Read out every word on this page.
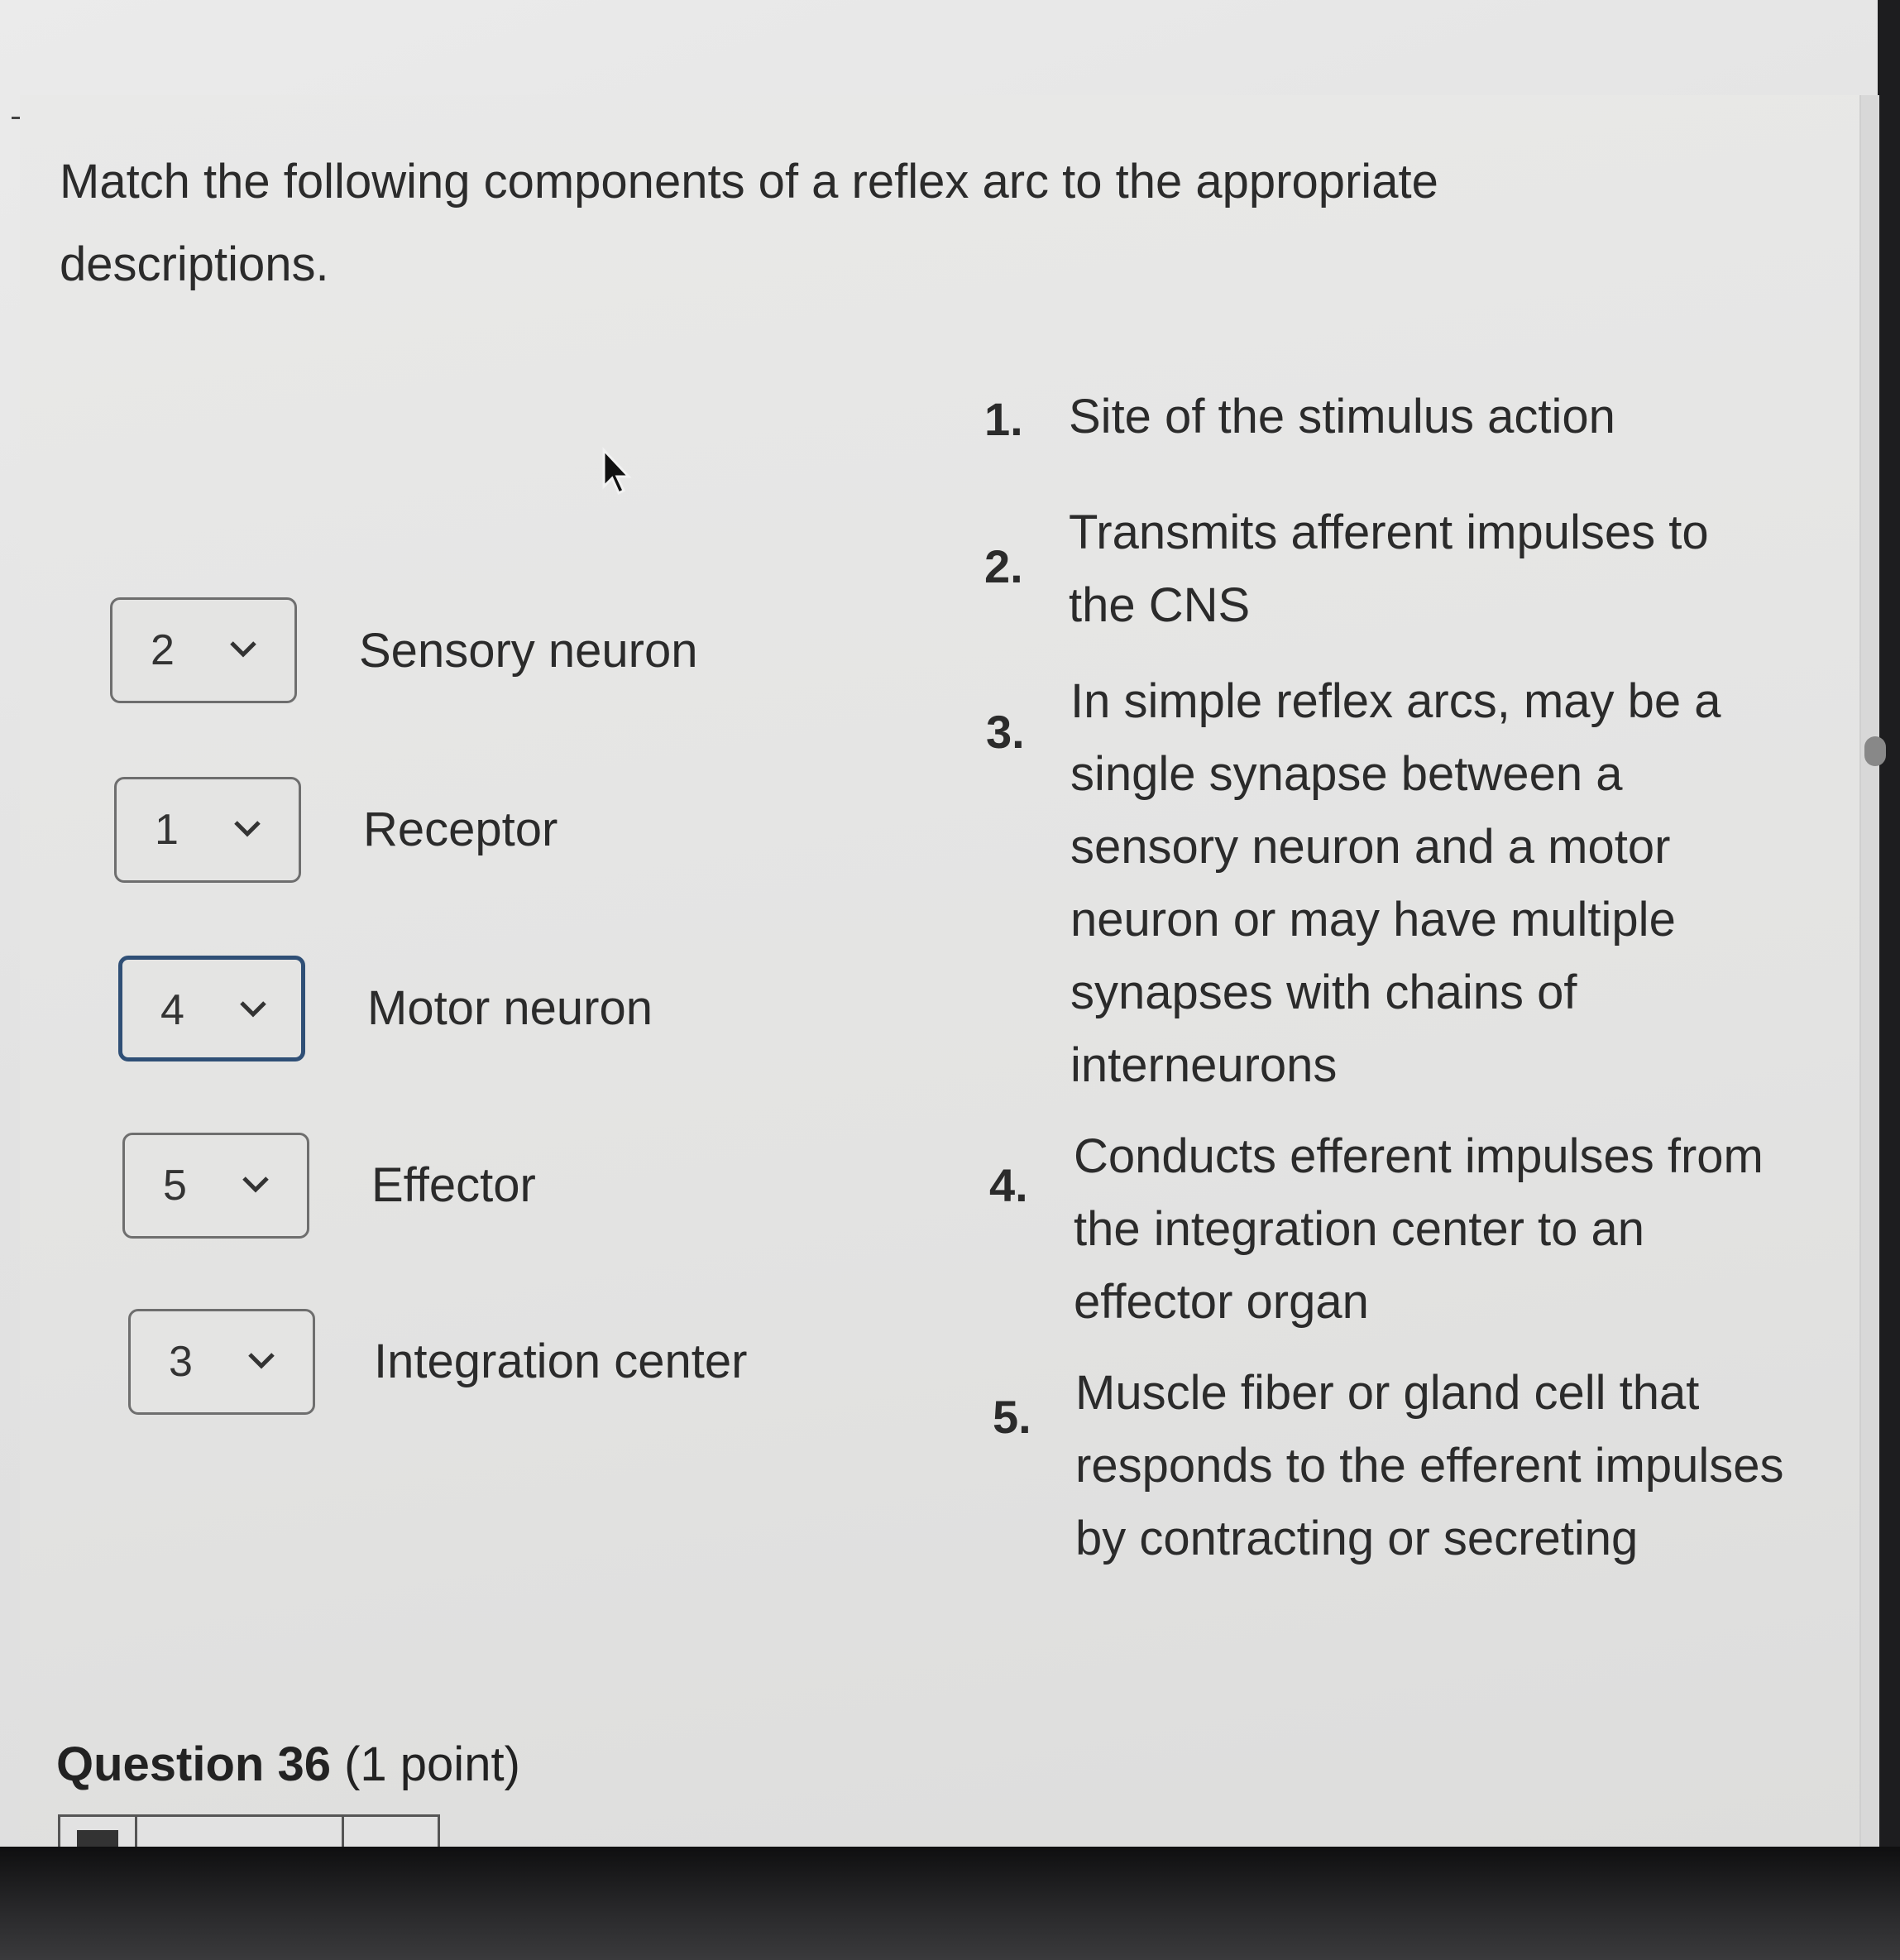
Match the following components of a reflex arc to the appropriate descriptions.
2	Sensory neuron
1	Receptor
4	Motor neuron
5	Effector
3	Integration center
1. Site of the stimulus action
2.
Transmits afferent impulses to the CNS
3.
In simple reflex arcs, may be a single synapse between a sensory neuron and a motor neuron or may have multiple synapses with chains of interneurons
4.
Conducts efferent impulses from the integration center to an effector organ
5. Muscle fiber or gland cell that responds to the efferent impulses by contracting or secreting
Question 36 (1 point)
